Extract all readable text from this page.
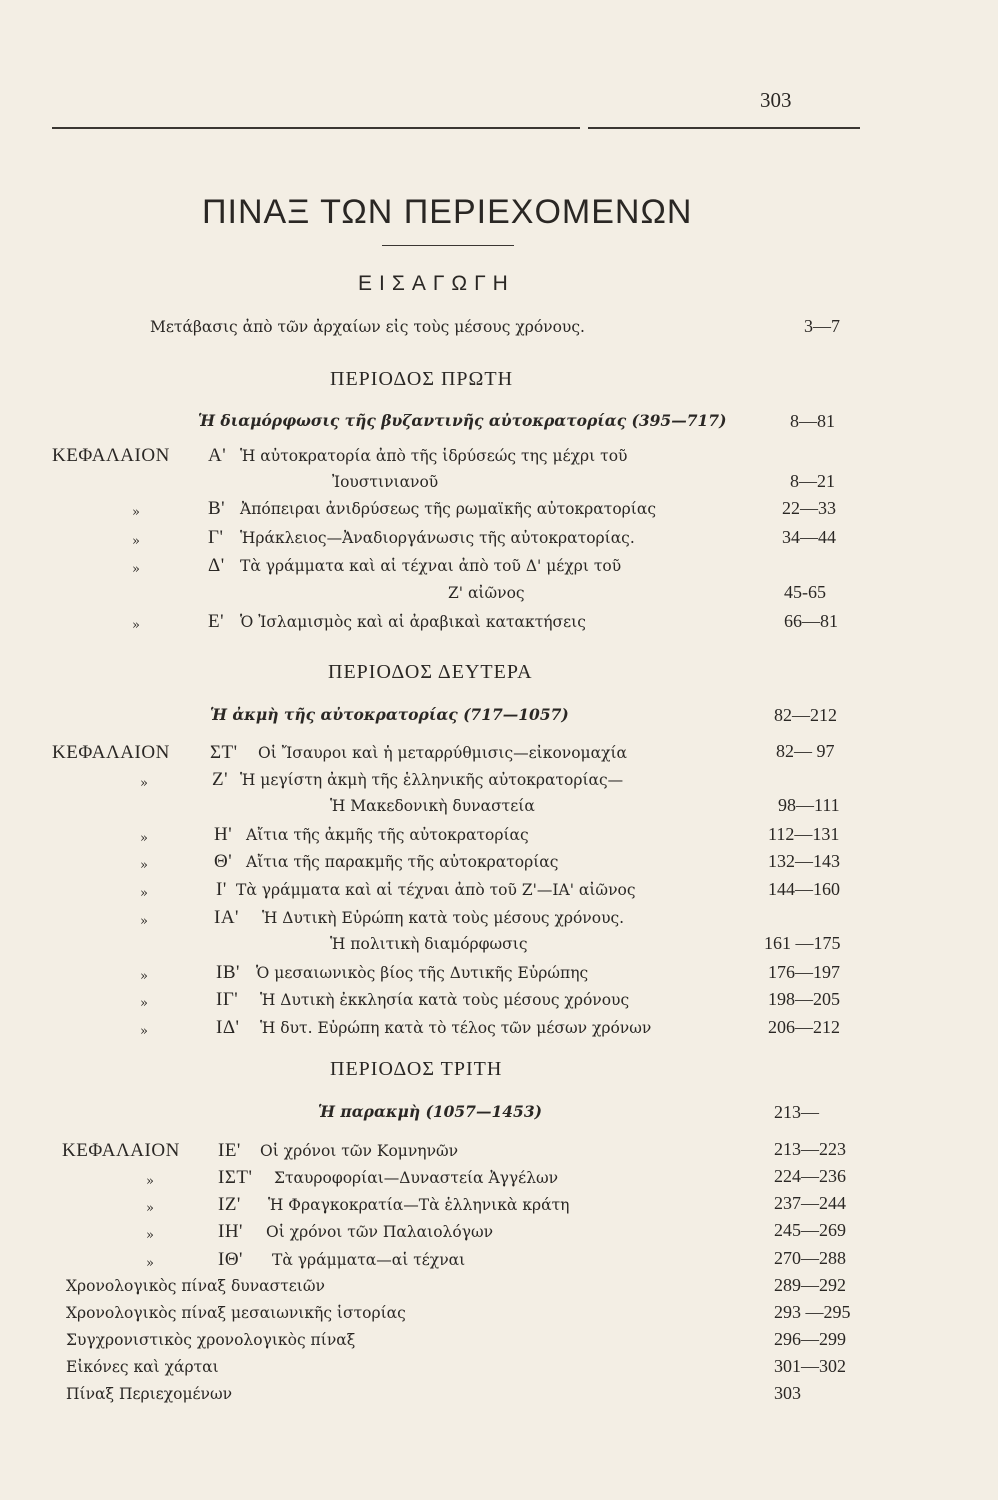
303
ΠΙΝΑΞ ΤΩΝ ΠΕΡΙΕΧΟΜΕΝΩΝ
ΕΙΣΑΓΩΓΗ
Μετάβασις ἀπὸ τῶν ἀρχαίων εἰς τοὺς μέσους χρόνους.	3—7
ΠΕΡΙΟΔΟΣ ΠΡΩΤΗ
Ἡ διαμόρφωσις τῆς βυζαντινῆς αὐτοκρατορίας (395—717)	8—81
ΚΕΦΑΛΑΙΟΝ Α' Ἡ αὐτοκρατορία ἀπὸ τῆς ἱδρύσεώς της μέχρι τοῦ
Ἰουστινιανοῦ	8—21
»	Β' Ἀπόπειραι ἀνιδρύσεως τῆς ρωμαϊκῆς αὐτοκρατορίας	22—33
»	Γ' Ἡράκλειος—Ἀναδιοργάνωσις τῆς αὐτοκρατορίας.	34—44
»	Δ' Τὰ γράμματα καὶ αἱ τέχναι ἀπὸ τοῦ Δ' μέχρι τοῦ
Ζ' αἰῶνος	45-65
»	Ε' Ὁ Ἰσλαμισμὸς καὶ αἱ ἀραβικαὶ κατακτήσεις	66—81
ΠΕΡΙΟΔΟΣ ΔΕΥΤΕΡΑ
Ἡ ἀκμὴ τῆς αὐτοκρατορίας (717—1057)	82—212
ΚΕΦΑΛΑΙΟΝ ΣΤ' Οἱ Ἴσαυροι καὶ ἡ μεταρρύθμισις—εἰκονομαχία	82— 97
»	Ζ' Ἡ μεγίστη ἀκμὴ τῆς ἑλληνικῆς αὐτοκρατορίας—
Ἡ Μακεδονικὴ δυναστεία	98—111
»	Η' Αἴτια τῆς ἀκμῆς τῆς αὐτοκρατορίας	112—131
»	Θ' Αἴτια τῆς παρακμῆς τῆς αὐτοκρατορίας	132—143
»	Ι' Τὰ γράμματα καὶ αἱ τέχναι ἀπὸ τοῦ Ζ'—ΙΑ' αἰῶνος	144—160
»	ΙΑ' Ἡ Δυτικὴ Εὐρώπη κατὰ τοὺς μέσους χρόνους.
Ἡ πολιτικὴ διαμόρφωσις	161 —175
»	ΙΒ' Ὁ μεσαιωνικὸς βίος τῆς Δυτικῆς Εὐρώπης	176—197
»	ΙΓ' Ἡ Δυτικὴ ἐκκλησία κατὰ τοὺς μέσους χρόνους	198—205
»	ΙΔ' Ἡ δυτ. Εὐρώπη κατὰ τὸ τέλος τῶν μέσων χρόνων	206—212
ΠΕΡΙΟΔΟΣ ΤΡΙΤΗ
Ἡ παρακμὴ (1057—1453)	213—
ΚΕΦΑΛΑΙΟΝ ΙΕ' Οἱ χρόνοι τῶν Κομνηνῶν	213—223
»	ΙΣΤ' Σταυροφορίαι—Δυναστεία Ἀγγέλων	224—236
»	ΙΖ' Ἡ Φραγκοκρατία—Τὰ ἑλληνικὰ κράτη	237—244
»	ΙΗ' Οἱ χρόνοι τῶν Παλαιολόγων	245—269
»	ΙΘ' Τὰ γράμματα—αἱ τέχναι	270—288
Χρονολογικὸς πίναξ δυναστειῶν	289—292
Χρονολογικὸς πίναξ μεσαιωνικῆς ἱστορίας	293 —295
Συγχρονιστικὸς χρονολογικὸς πίναξ	296—299
Εἰκόνες καὶ χάρται	301—302
Πίναξ Περιεχομένων	303
